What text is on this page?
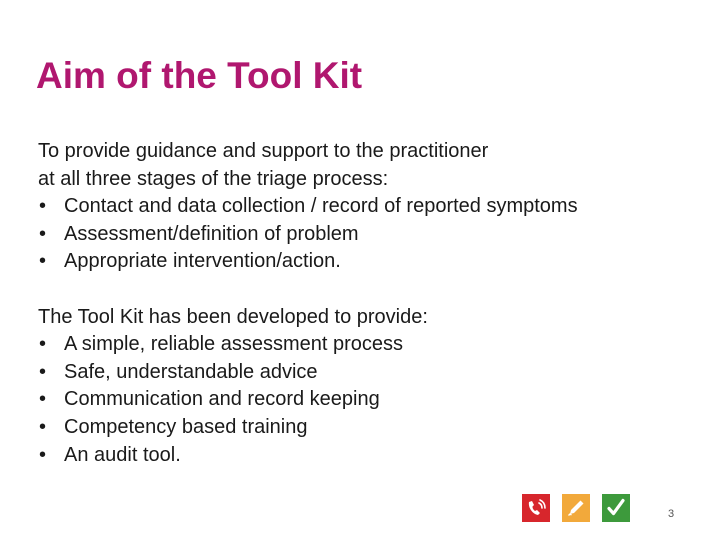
Aim of the Tool Kit
To provide guidance and support to the practitioner
at all three stages of the triage process:
• Contact and data collection / record of reported symptoms
• Assessment/definition of problem
• Appropriate intervention/action.
The Tool Kit has been developed to provide:
• A simple, reliable assessment process
• Safe, understandable advice
• Communication and record keeping
• Competency based training
• An audit tool.
3
